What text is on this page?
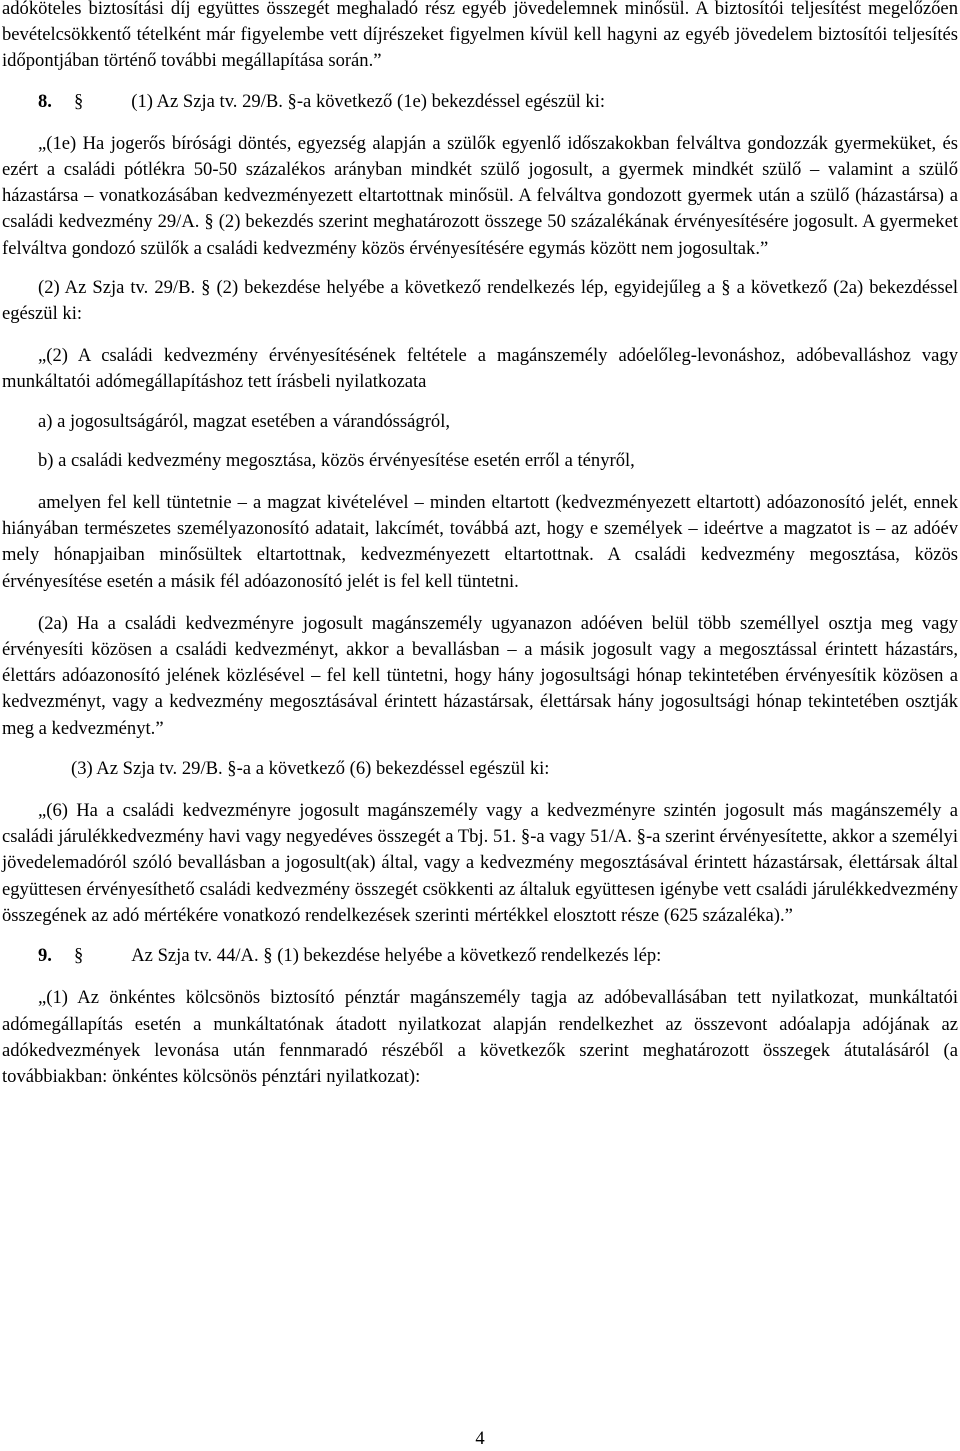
adóköteles biztosítási díj együttes összegét meghaladó rész egyéb jövedelemnek minősül. A biztosítói teljesítést megelőzően bevételcsökkentő tételként már figyelembe vett díjrészeket figyelmen kívül kell hagyni az egyéb jövedelem biztosítói teljesítés időpontjában történő további megállapítása során.”

8. §	(1) Az Szja tv. 29/B. §-a következő (1e) bekezdéssel egészül ki:

„(1e) Ha jogerős bírósági döntés, egyezség alapján a szülők egyenlő időszakokban felváltva gondozzák gyermeküket, és ezért a családi pótlékra 50-50 százalékos arányban mindkét szülő jogosult, a gyermek mindkét szülő – valamint a szülő házastársa – vonatkozásában kedvezményezett eltartottnak minősül. A felváltva gondozott gyermek után a szülő (házastársa) a családi kedvezmény 29/A. § (2) bekezdés szerint meghatározott összege 50 százalékának érvényesítésére jogosult. A gyermeket felváltva gondozó szülők a családi kedvezmény közös érvényesítésére egymás között nem jogosultak.”

(2) Az Szja tv. 29/B. § (2) bekezdése helyébe a következő rendelkezés lép, egyidejűleg a § a következő (2a) bekezdéssel egészül ki:

„(2) A családi kedvezmény érvényesítésének feltétele a magánszemély adóelőleg-levonáshoz, adóbevalláshoz vagy munkáltatói adómegállapításhoz tett írásbeli nyilatkozata

a) a jogosultságáról, magzat esetében a várandósságról,

b) a családi kedvezmény megosztása, közös érvényesítése esetén erről a tényről,

amelyen fel kell tüntetnie – a magzat kivételével – minden eltartott (kedvezményezett eltartott) adóazonosító jelét, ennek hiányában természetes személyazonosító adatait, lakcímét, továbbá azt, hogy e személyek – ideértve a magzatot is – az adóév mely hónapjaiban minősültek eltartottnak, kedvezményezett eltartottnak. A családi kedvezmény megosztása, közös érvényesítése esetén a másik fél adóazonosító jelét is fel kell tüntetni.

(2a) Ha a családi kedvezményre jogosult magánszemély ugyanazon adóéven belül több személlyel osztja meg vagy érvényesíti közösen a családi kedvezményt, akkor a bevallásban – a másik jogosult vagy a megosztással érintett házastárs, élettárs adóazonosító jelének közlésével – fel kell tüntetni, hogy hány jogosultsági hónap tekintetében érvényesítik közösen a kedvezményt, vagy a kedvezmény megosztásával érintett házastársak, élettársak hány jogosultsági hónap tekintetében osztják meg a kedvezményt.”

(3) Az Szja tv. 29/B. §-a a következő (6) bekezdéssel egészül ki:

„(6) Ha a családi kedvezményre jogosult magánszemély vagy a kedvezményre szintén jogosult más magánszemély a családi járulékkedvezmény havi vagy negyedéves összegét a Tbj. 51. §-a vagy 51/A. §-a szerint érvényesítette, akkor a személyi jövedelemadóról szóló bevallásban a jogosult(ak) által, vagy a kedvezmény megosztásával érintett házastársak, élettársak által együttesen érvényesíthető családi kedvezmény összegét csökkenti az általuk együttesen igénybe vett családi járulékkedvezmény összegének az adó mértékére vonatkozó rendelkezések szerinti mértékkel elosztott része (625 százaléka).”

9. §	Az Szja tv. 44/A. § (1) bekezdése helyébe a következő rendelkezés lép:

„(1) Az önkéntes kölcsönös biztosító pénztár magánszemély tagja az adóbevallásában tett nyilatkozat, munkáltatói adómegállapítás esetén a munkáltatónak átadott nyilatkozat alapján rendelkezhet az összevont adóalapja adójának az adókedvezmények levonása után fennmaradó részéből a következők szerint meghatározott összegek átutalásáról (a továbbiakban: önkéntes kölcsönös pénztári nyilatkozat):

4
